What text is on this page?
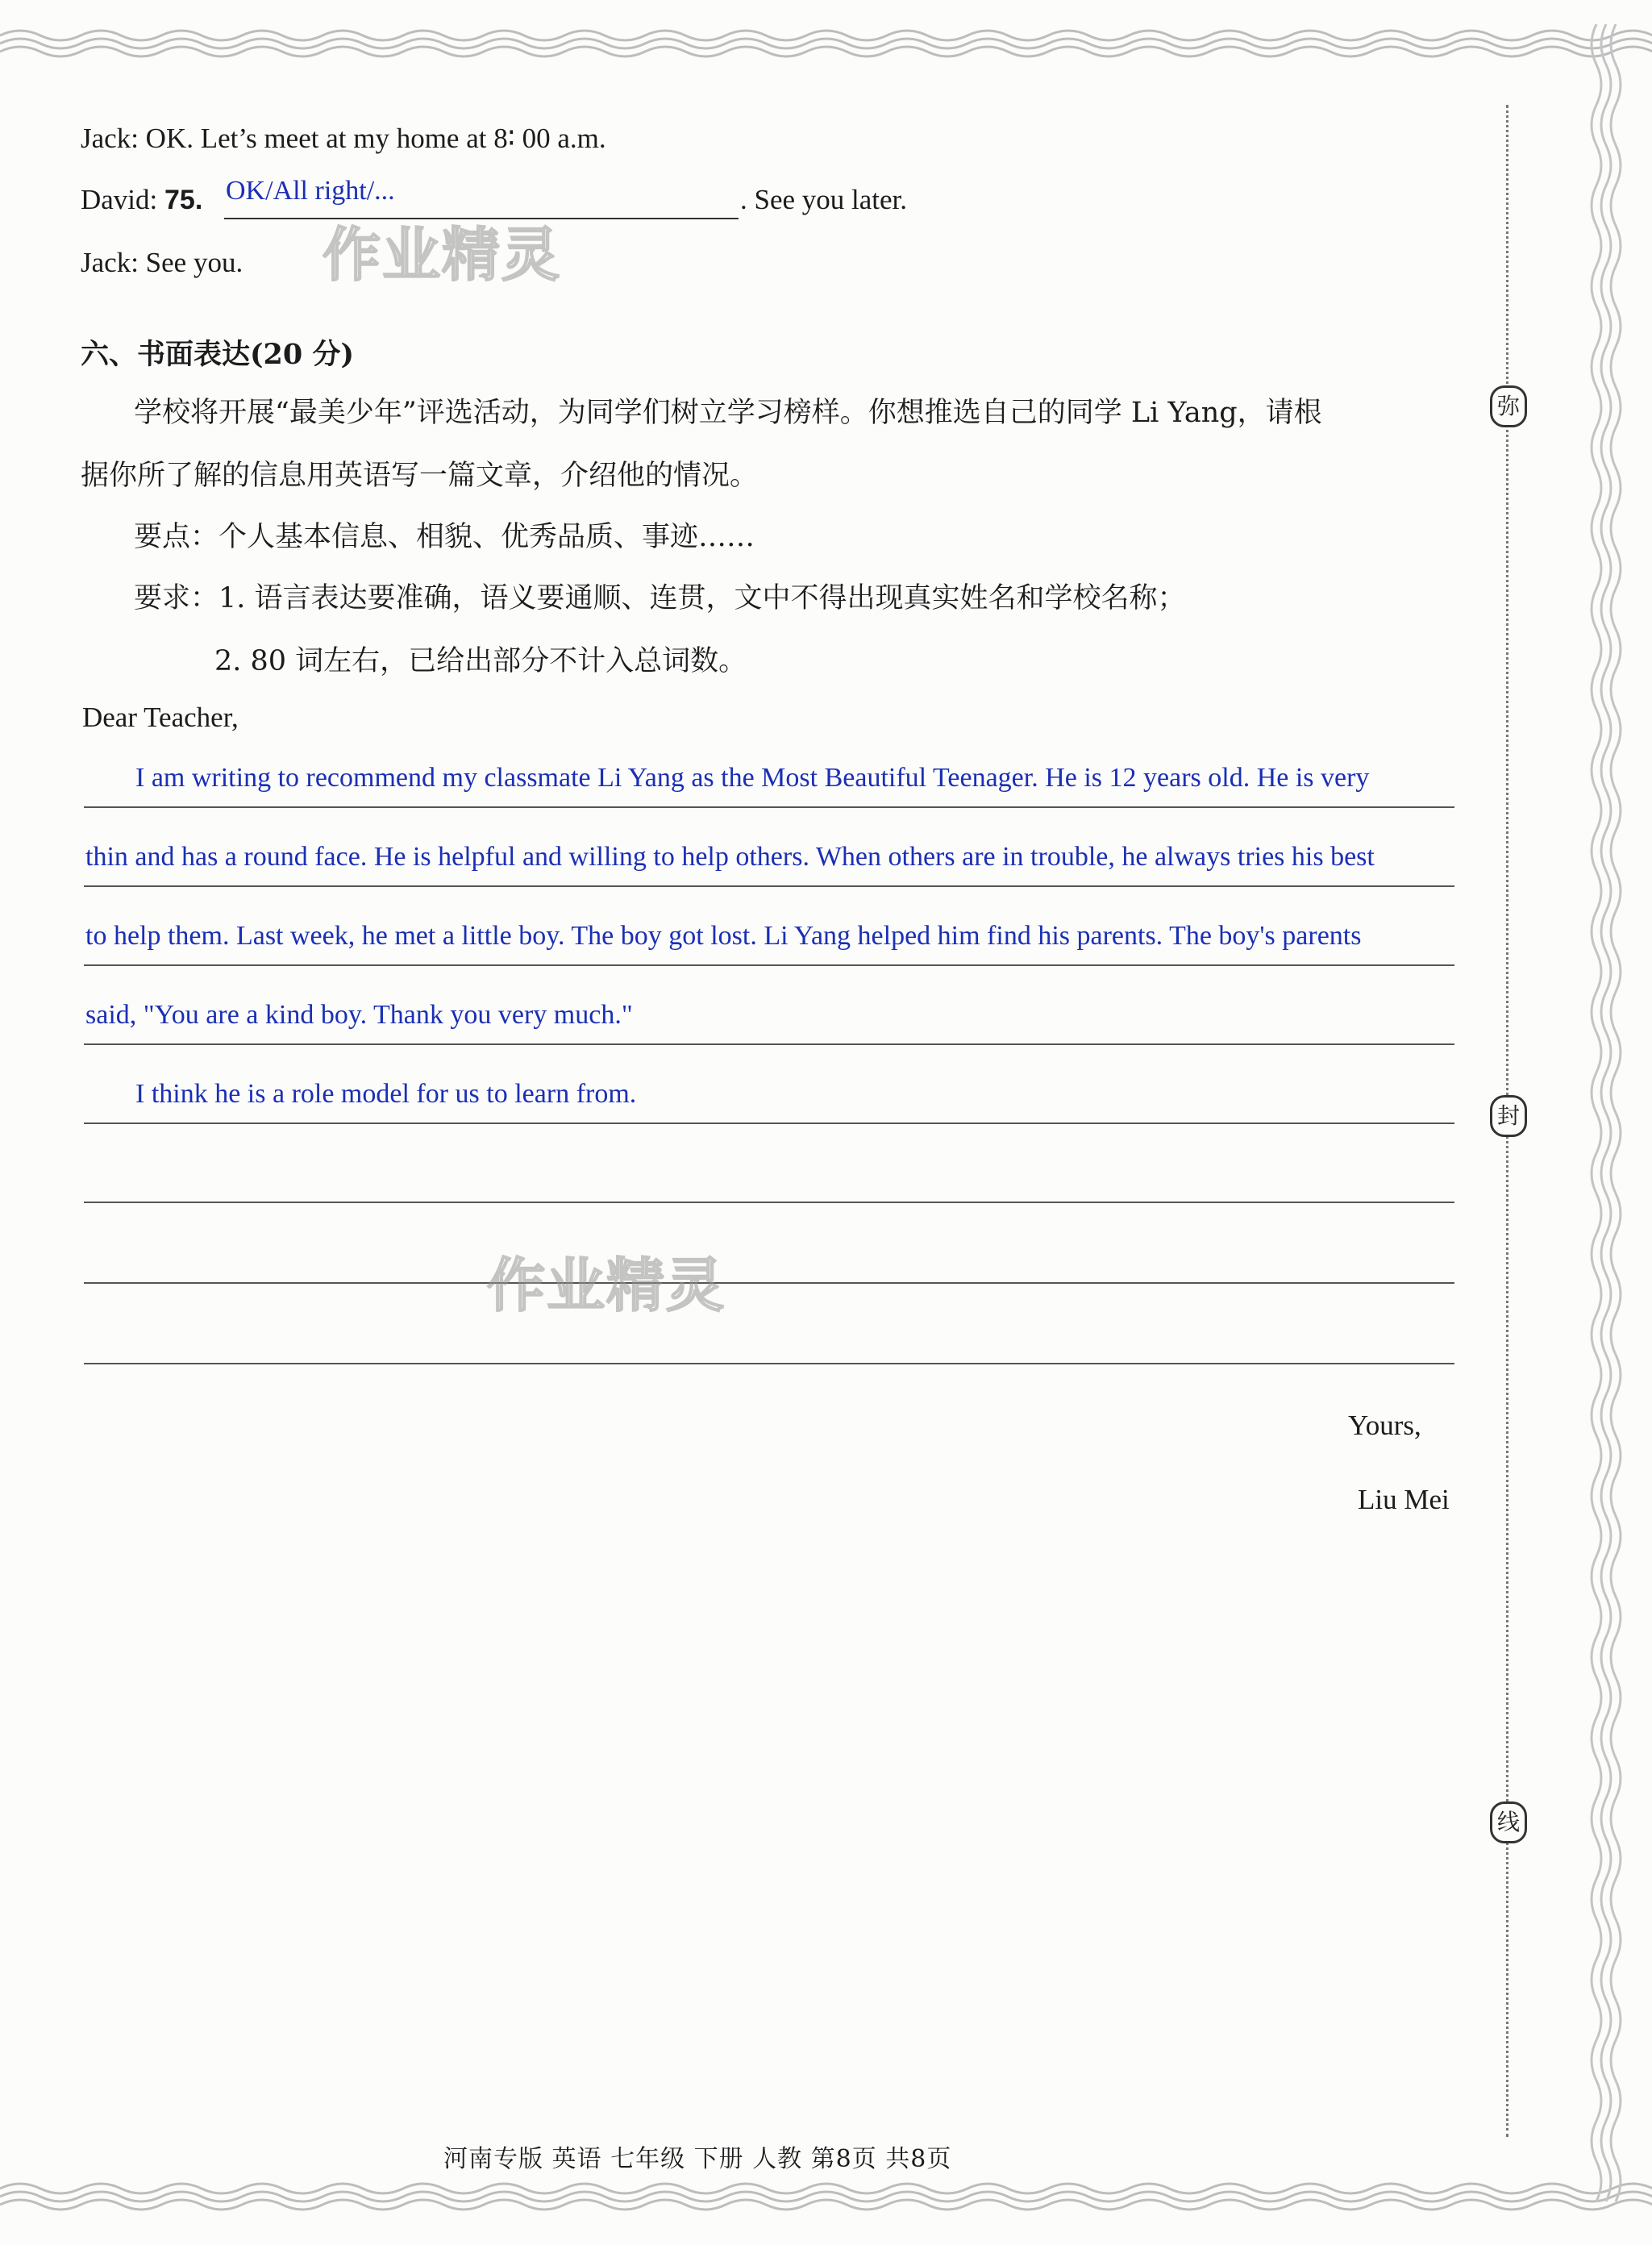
弥
封
线
Jack: OK. Let’s meet at my home at 8∶ 00 a.m.
David: 75. OK/All right/...	. See you later.
Jack: See you.
六、书面表达(20 分)
学校将开展“最美少年”评选活动，为同学们树立学习榜样。你想推选自己的同学 Li Yang，请根
据你所了解的信息用英语写一篇文章，介绍他的情况。
要点：个人基本信息、相貌、优秀品质、事迹……
要求：1. 语言表达要准确，语义要通顺、连贯，文中不得出现真实姓名和学校名称；
2. 80 词左右，已给出部分不计入总词数。
Dear Teacher,
I am writing to recommend my classmate Li Yang as the Most Beautiful Teenager. He is 12 years old. He is very
thin and has a round face. He is helpful and willing to help others. When others are in trouble, he always tries his best
to help them. Last week, he met a little boy. The boy got lost. Li Yang helped him find his parents. The boy's parents
said, "You are a kind boy. Thank you very much."
I think he is a role model for us to learn from.
Yours,
Liu Mei
作业精灵
作业精灵
河南专版 英语 七年级 下册 人教 第8页 共8页
